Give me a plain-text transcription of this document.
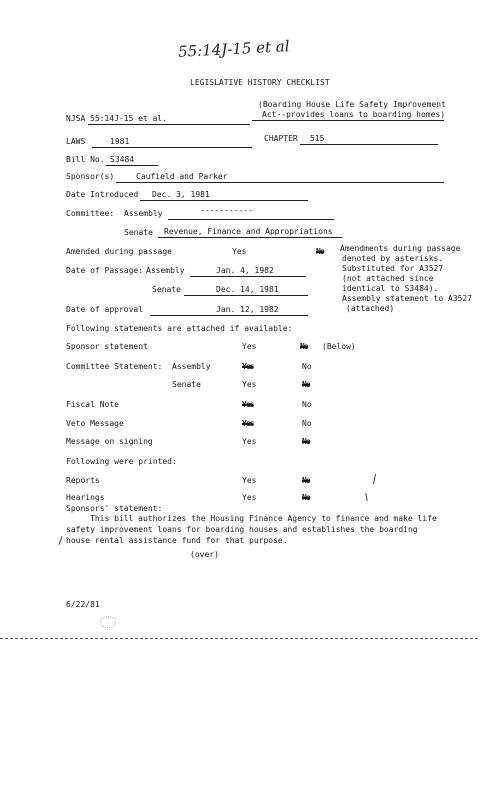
55:14J-15 et al
LEGISLATIVE HISTORY CHECKLIST
NJSA 55:14J-15 et al.
(Boarding House Life Safety Improvement
Act--provides loans to boarding homes)
LAWS	1981	CHAPTER 515
Bill No. S3484
Sponsor(s)	Caufield and Parker
Date Introduced Dec. 3, 1981
Committee: Assembly	-----------
Senate Revenue, Finance and Appropriations
Amended during passage	Yes	No Amendments during passage
denoted by asterisks.
Substituted for A3527
(not attached since
identical to S3484).
Assembly statement to A3527
(attached)
Date of Passage: Assembly	Jan. 4, 1982
Senate	Dec. 14, 1981
Date of approval	Jan. 12, 1982
Following statements are attached if available:
Sponsor statement	Yes	No (Below)
Committee Statement: Assembly	Yes	No
Senate	Yes	No
Fiscal Note	Yes	No
Veto Message	Yes	No
Message on signing	Yes	No
Following were printed:
Reports	Yes	No
Hearings	Yes	No
Sponsors' statement:
This bill authorizes the Housing Finance Agency to finance and make life safety improvement loans for boarding houses and establishes the boarding house rental assistance fund for that purpose.
(over)
6/22/81
